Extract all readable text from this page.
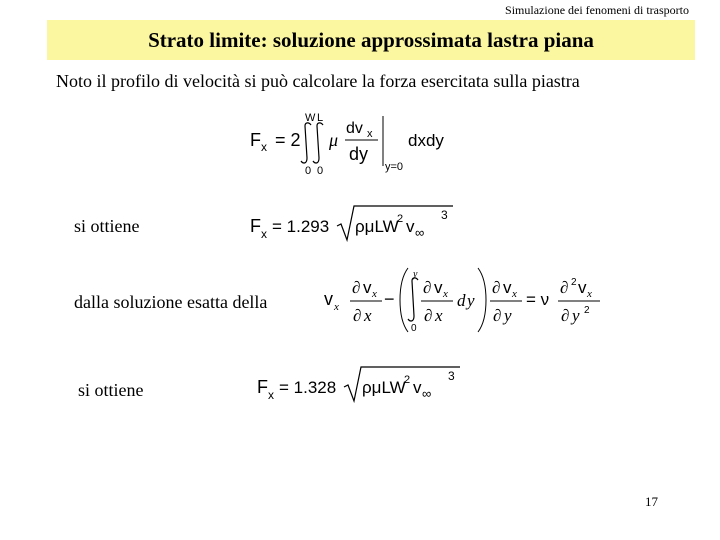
Simulazione dei fenomeni di trasporto
Strato limite: soluzione approssimata lastra piana
Noto il profilo di velocità si può calcolare la forza esercitata sulla piastra
F x = 2
W L
0 0
μ
dv x
dy
y=0
dxdy
si ottiene	F x = 1.293 ρμLW
2 v ∞
3
dalla soluzione esatta della	v x
∂ v x
∂ x
−
y
0
∂ v x
∂ x
d y
∂ v x
∂ y
= ν
∂ 2 v x
∂ y 2
si ottiene	F x = 1.328 ρμLW
2 v ∞
3
17
